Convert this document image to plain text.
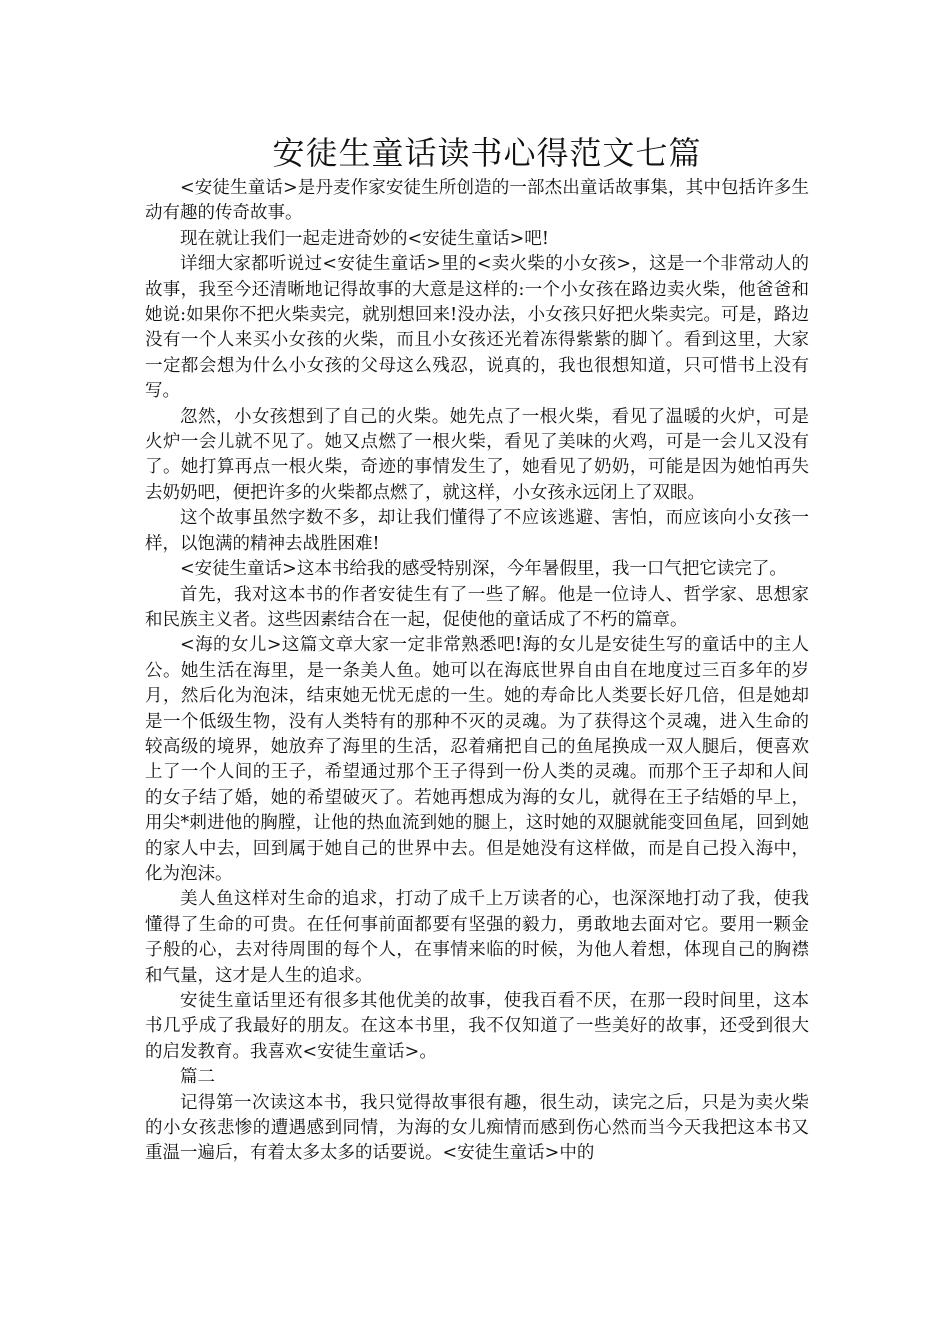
安徒生童话读书心得范文七篇

<安徒生童话>是丹麦作家安徒生所创造的一部杰出童话故事集，其中包括许多生动有趣的传奇故事。

现在就让我们一起走进奇妙的<安徒生童话>吧!

详细大家都听说过<安徒生童话>里的<卖火柴的小女孩>，这是一个非常动人的故事，我至今还清晰地记得故事的大意是这样的:一个小女孩在路边卖火柴，他爸爸和她说:如果你不把火柴卖完，就别想回来!没办法，小女孩只好把火柴卖完。可是，路边没有一个人来买小女孩的火柴，而且小女孩还光着冻得紫紫的脚丫。看到这里，大家一定都会想为什么小女孩的父母这么残忍，说真的，我也很想知道，只可惜书上没有写。

忽然，小女孩想到了自己的火柴。她先点了一根火柴，看见了温暖的火炉，可是火炉一会儿就不见了。她又点燃了一根火柴，看见了美味的火鸡，可是一会儿又没有了。她打算再点一根火柴，奇迹的事情发生了，她看见了奶奶，可能是因为她怕再失去奶奶吧，便把许多的火柴都点燃了，就这样，小女孩永远闭上了双眼。

这个故事虽然字数不多，却让我们懂得了不应该逃避、害怕，而应该向小女孩一样，以饱满的精神去战胜困难!

<安徒生童话>这本书给我的感受特别深，今年暑假里，我一口气把它读完了。

首先，我对这本书的作者安徒生有了一些了解。他是一位诗人、哲学家、思想家和民族主义者。这些因素结合在一起，促使他的童话成了不朽的篇章。

<海的女儿>这篇文章大家一定非常熟悉吧!海的女儿是安徒生写的童话中的主人公。她生活在海里，是一条美人鱼。她可以在海底世界自由自在地度过三百多年的岁月，然后化为泡沫，结束她无忧无虑的一生。她的寿命比人类要长好几倍，但是她却是一个低级生物，没有人类特有的那种不灭的灵魂。为了获得这个灵魂，进入生命的较高级的境界，她放弃了海里的生活，忍着痛把自己的鱼尾换成一双人腿后，便喜欢上了一个人间的王子，希望通过那个王子得到一份人类的灵魂。而那个王子却和人间的女子结了婚，她的希望破灭了。若她再想成为海的女儿，就得在王子结婚的早上，用尖*刺进他的胸膛，让他的热血流到她的腿上，这时她的双腿就能变回鱼尾，回到她的家人中去，回到属于她自己的世界中去。但是她没有这样做，而是自己投入海中，化为泡沫。

美人鱼这样对生命的追求，打动了成千上万读者的心，也深深地打动了我，使我懂得了生命的可贵。在任何事前面都要有坚强的毅力，勇敢地去面对它。要用一颗金子般的心，去对待周围的每个人，在事情来临的时候，为他人着想，体现自己的胸襟和气量，这才是人生的追求。

安徒生童话里还有很多其他优美的故事，使我百看不厌，在那一段时间里，这本书几乎成了我最好的朋友。在这本书里，我不仅知道了一些美好的故事，还受到很大的启发教育。我喜欢<安徒生童话>。

篇二

记得第一次读这本书，我只觉得故事很有趣，很生动，读完之后，只是为卖火柴的小女孩悲惨的遭遇感到同情，为海的女儿痴情而感到伤心然而当今天我把这本书又重温一遍后，有着太多太多的话要说。<安徒生童话>中的
